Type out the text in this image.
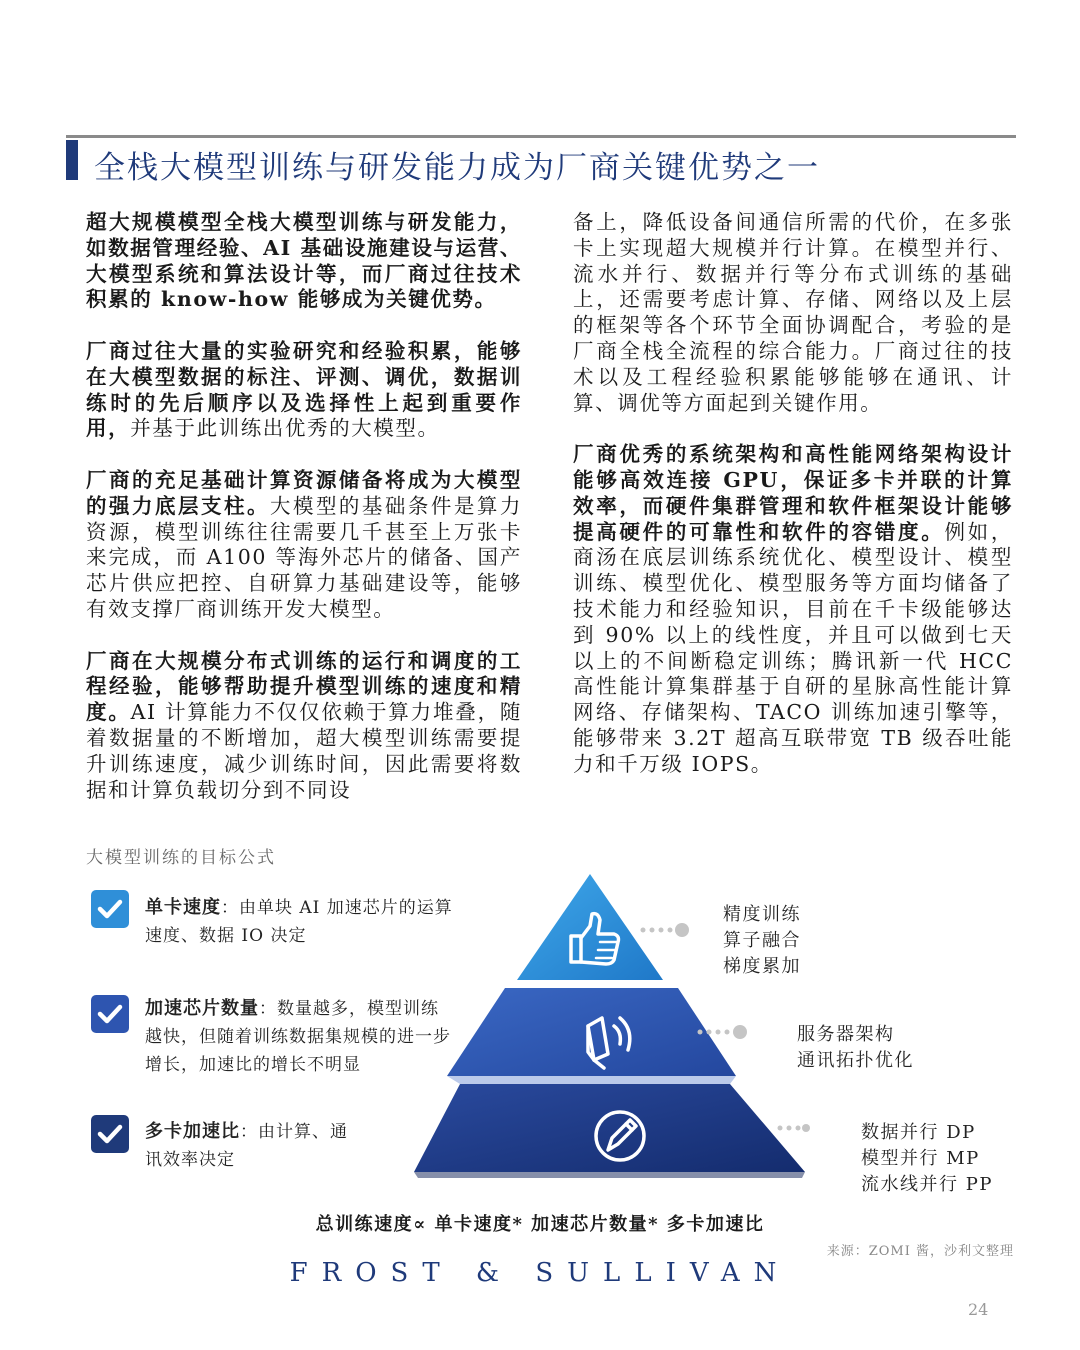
全栈大模型训练与研发能力成为厂商关键优势之一

超大规模模型全栈大模型训练与研发能力，如数据管理经验、AI 基础设施建设与运营、大模型系统和算法设计等，而厂商过往技术积累的 know-how 能够成为关键优势。

厂商过往大量的实验研究和经验积累，能够在大模型数据的标注、评测、调优，数据训练时的先后顺序以及选择性上起到重要作用，并基于此训练出优秀的大模型。

厂商的充足基础计算资源储备将成为大模型的强力底层支柱。大模型的基础条件是算力资源，模型训练往往需要几千甚至上万张卡来完成，而 A100 等海外芯片的储备、国产芯片供应把控、自研算力基础建设等，能够有效支撑厂商训练开发大模型。

厂商在大规模分布式训练的运行和调度的工程经验，能够帮助提升模型训练的速度和精度。AI 计算能力不仅仅依赖于算力堆叠，随着数据量的不断增加，超大模型训练需要提升训练速度，减少训练时间，因此需要将数据和计算负载切分到不同设

备上，降低设备间通信所需的代价，在多张卡上实现超大规模并行计算。在模型并行、流水并行、数据并行等分布式训练的基础上，还需要考虑计算、存储、网络以及上层的框架等各个环节全面协调配合，考验的是厂商全栈全流程的综合能力。厂商过往的技术以及工程经验积累能够能够在通讯、计算、调优等方面起到关键作用。

厂商优秀的系统架构和高性能网络架构设计能够高效连接 GPU，保证多卡并联的计算效率，而硬件集群管理和软件框架设计能够提高硬件的可靠性和软件的容错度。例如，商汤在底层训练系统优化、模型设计、模型训练、模型优化、模型服务等方面均储备了技术能力和经验知识，目前在千卡级能够达到 90% 以上的线性度，并且可以做到七天以上的不间断稳定训练；腾讯新一代 HCC 高性能计算集群基于自研的星脉高性能计算网络、存储架构、TACO 训练加速引擎等，能够带来 3.2T 超高互联带宽 TB 级吞吐能力和千万级 IOPS。

大模型训练的目标公式
单卡速度：由单块 AI 加速芯片的运算
速度、数据 IO 决定
加速芯片数量：数量越多，模型训练
越快，但随着训练数据集规模的进一步
增长，加速比的增长不明显
多卡加速比：由计算、通
讯效率决定
精度训练
算子融合
梯度累加
服务器架构
通讯拓扑优化
数据并行 DP
模型并行 MP
流水线并行 PP
总训练速度∝ 单卡速度* 加速芯片数量* 多卡加速比
来源：ZOMI 酱，沙利文整理
FROST & SULLIVAN
24
